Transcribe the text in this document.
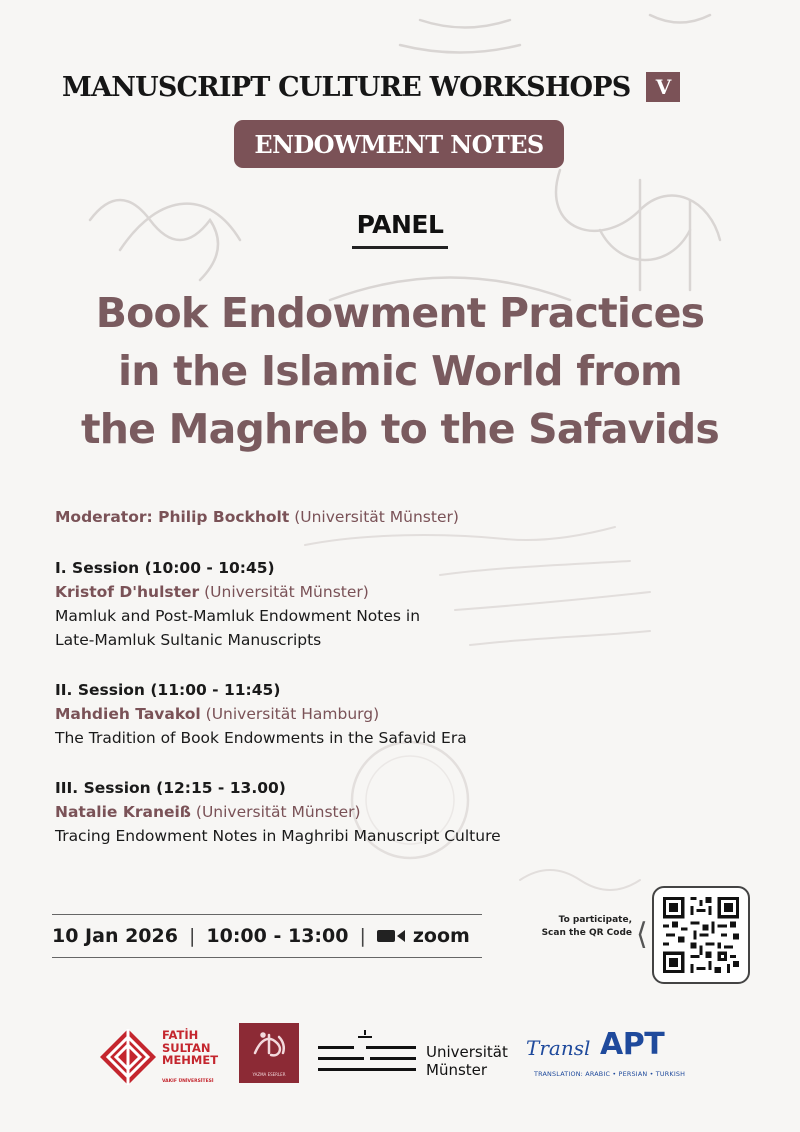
MANUSCRIPT CULTURE WORKSHOPS	V
ENDOWMENT NOTES
PANEL
Book Endowment Practices
in the Islamic World from
the Maghreb to the Safavids
Moderator: Philip Bockholt (Universität Münster)
I. Session (10:00 - 10:45)
Kristof D'hulster (Universität Münster)
Mamluk and Post-Mamluk Endowment Notes in
Late-Mamluk Sultanic Manuscripts
II. Session (11:00 - 11:45)
Mahdieh Tavakol (Universität Hamburg)
The Tradition of Book Endowments in the Safavid Era
III. Session (12:15 - 13.00)
Natalie Kraneiß (Universität Münster)
Tracing Endowment Notes in Maghribi Manuscript Culture
10 Jan 2026 | 10:00 - 13:00 | zoom
To participate,
Scan the QR Code ⟨
FATİH
SULTAN
MEHMET
VAKIF ÜNİVERSİTESİ
YAZMA ESERLER
Universität
Münster
Transl APT
TRANSLATION: ARABIC • PERSIAN • TURKISH
